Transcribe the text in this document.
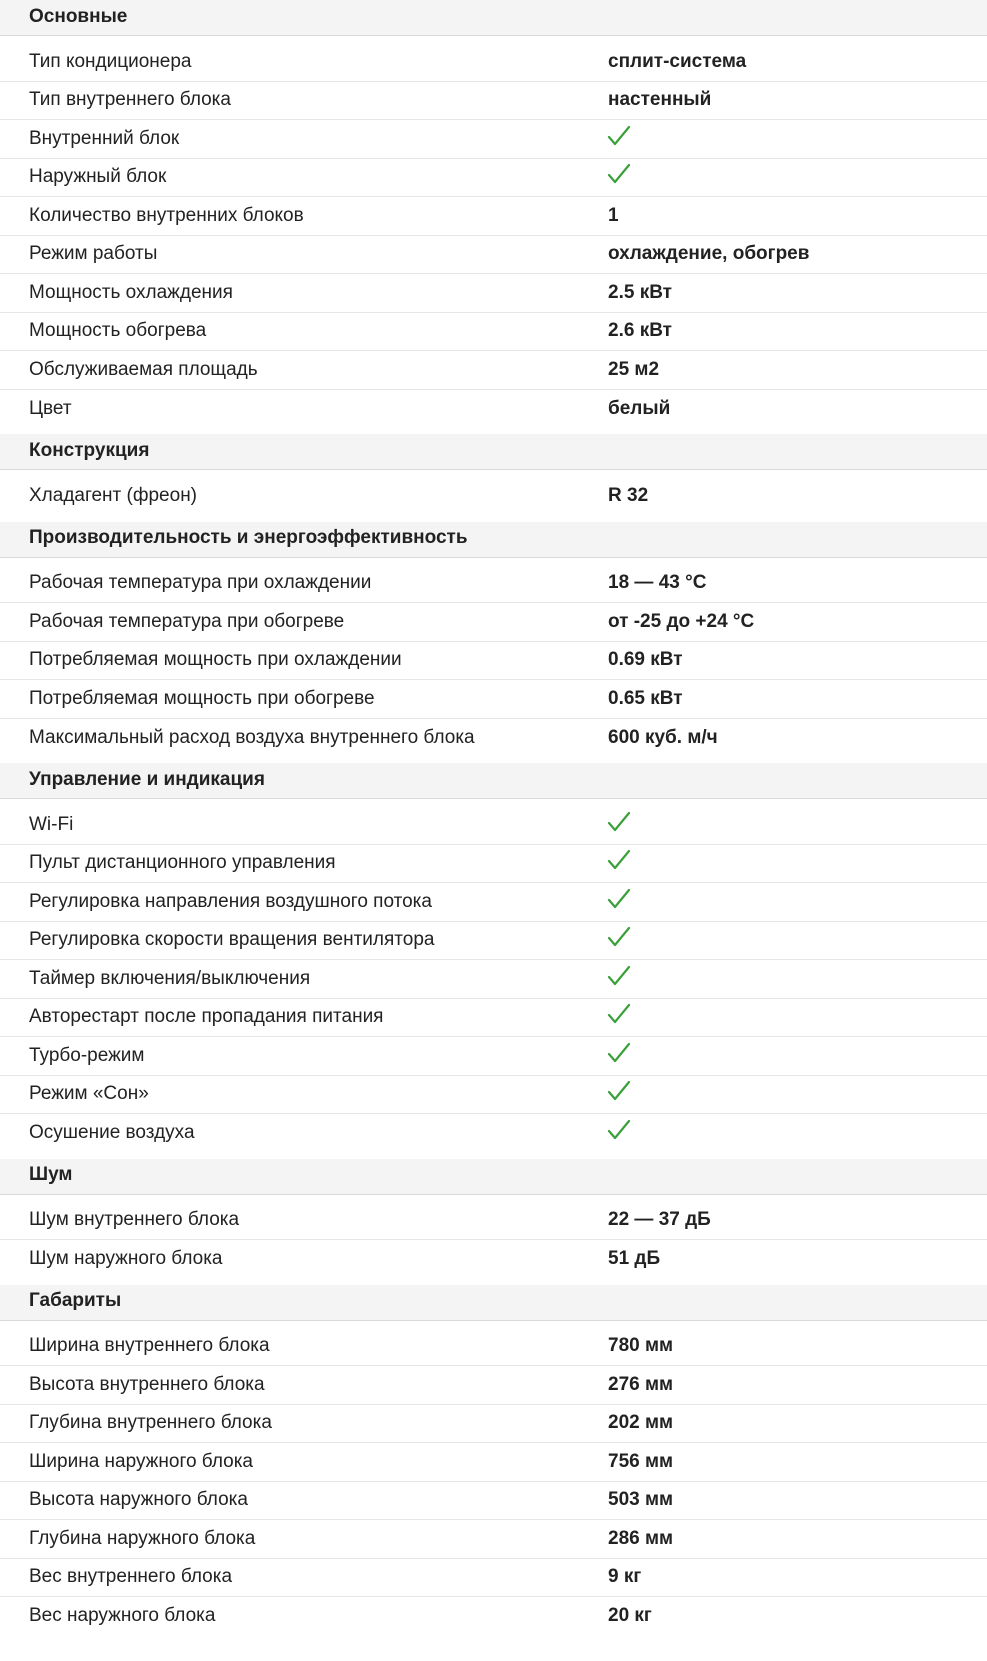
Основные
Тип кондиционера	сплит-система
Тип внутреннего блока	настенный
Внутренний блок
Наружный блок
Количество внутренних блоков	1
Режим работы	охлаждение, обогрев
Мощность охлаждения	2.5 кВт
Мощность обогрева	2.6 кВт
Обслуживаемая площадь	25 м2
Цвет	белый
Конструкция
Хладагент (фреон)	R 32
Производительность и энергоэффективность
Рабочая температура при охлаждении	18 — 43 °C
Рабочая температура при обогреве	от -25 до +24 °C
Потребляемая мощность при охлаждении	0.69 кВт
Потребляемая мощность при обогреве	0.65 кВт
Максимальный расход воздуха внутреннего блока	600 куб. м/ч
Управление и индикация
Wi-Fi
Пульт дистанционного управления
Регулировка направления воздушного потока
Регулировка скорости вращения вентилятора
Таймер включения/выключения
Авторестарт после пропадания питания
Турбо-режим
Режим «Сон»
Осушение воздуха
Шум
Шум внутреннего блока	22 — 37 дБ
Шум наружного блока	51 дБ
Габариты
Ширина внутреннего блока	780 мм
Высота внутреннего блока	276 мм
Глубина внутреннего блока	202 мм
Ширина наружного блока	756 мм
Высота наружного блока	503 мм
Глубина наружного блока	286 мм
Вес внутреннего блока	9 кг
Вес наружного блока	20 кг
